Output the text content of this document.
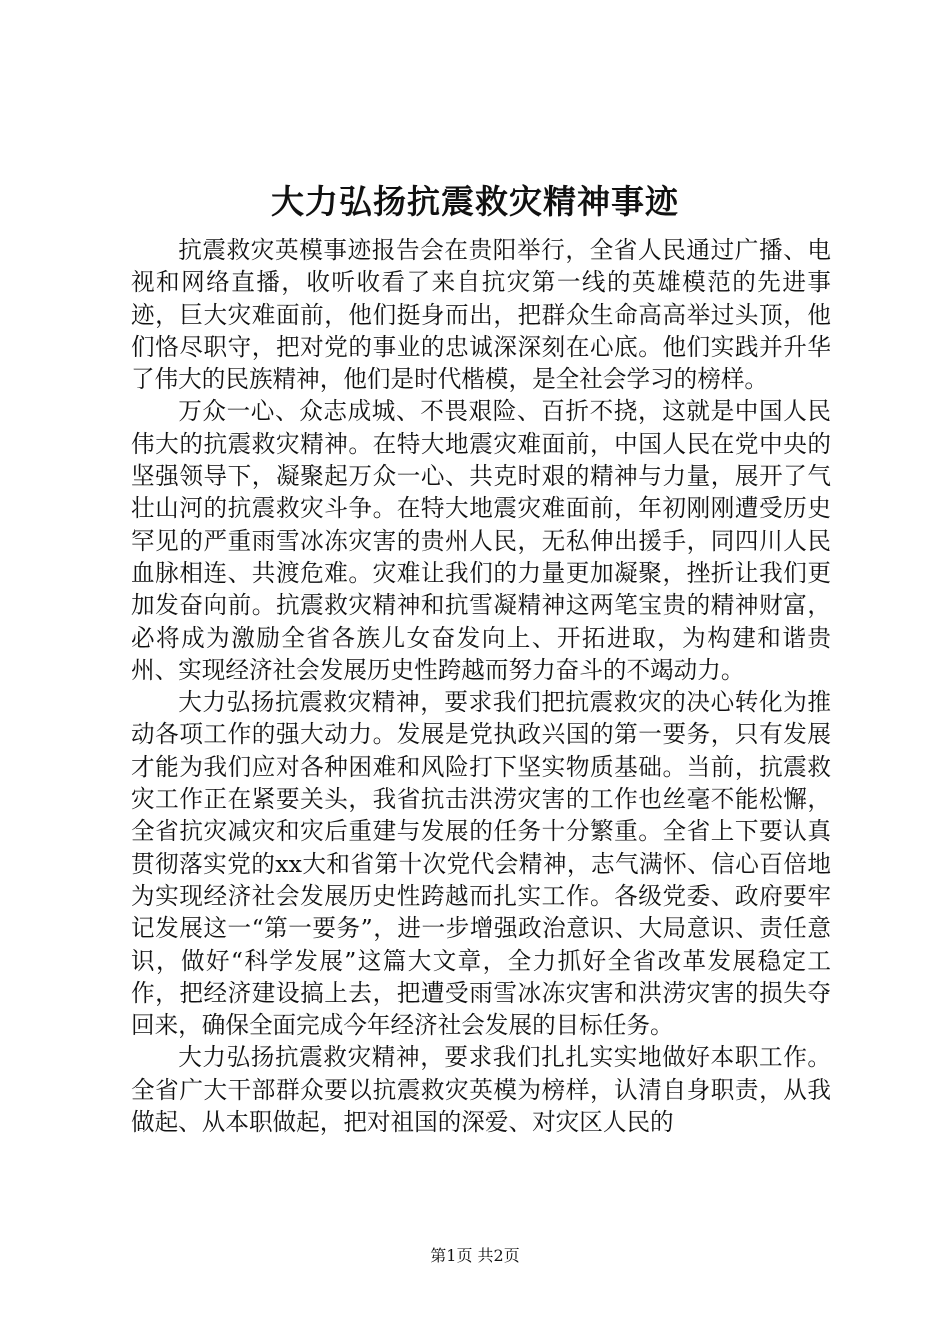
大力弘扬抗震救灾精神事迹

抗震救灾英模事迹报告会在贵阳举行，全省人民通过广播、电视和网络直播，收听收看了来自抗灾第一线的英雄模范的先进事迹，巨大灾难面前，他们挺身而出，把群众生命高高举过头顶，他们恪尽职守，把对党的事业的忠诚深深刻在心底。他们实践并升华了伟大的民族精神，他们是时代楷模，是全社会学习的榜样。

万众一心、众志成城、不畏艰险、百折不挠，这就是中国人民伟大的抗震救灾精神。在特大地震灾难面前，中国人民在党中央的坚强领导下，凝聚起万众一心、共克时艰的精神与力量，展开了气壮山河的抗震救灾斗争。在特大地震灾难面前，年初刚刚遭受历史罕见的严重雨雪冰冻灾害的贵州人民，无私伸出援手，同四川人民血脉相连、共渡危难。灾难让我们的力量更加凝聚，挫折让我们更加发奋向前。抗震救灾精神和抗雪凝精神这两笔宝贵的精神财富，必将成为激励全省各族儿女奋发向上、开拓进取，为构建和谐贵州、实现经济社会发展历史性跨越而努力奋斗的不竭动力。

大力弘扬抗震救灾精神，要求我们把抗震救灾的决心转化为推动各项工作的强大动力。发展是党执政兴国的第一要务，只有发展才能为我们应对各种困难和风险打下坚实物质基础。当前，抗震救灾工作正在紧要关头，我省抗击洪涝灾害的工作也丝毫不能松懈，全省抗灾减灾和灾后重建与发展的任务十分繁重。全省上下要认真贯彻落实党的xx大和省第十次党代会精神，志气满怀、信心百倍地为实现经济社会发展历史性跨越而扎实工作。各级党委、政府要牢记发展这一“第一要务”，进一步增强政治意识、大局意识、责任意识，做好“科学发展”这篇大文章，全力抓好全省改革发展稳定工作，把经济建设搞上去，把遭受雨雪冰冻灾害和洪涝灾害的损失夺回来，确保全面完成今年经济社会发展的目标任务。

大力弘扬抗震救灾精神，要求我们扎扎实实地做好本职工作。全省广大干部群众要以抗震救灾英模为榜样，认清自身职责，从我做起、从本职做起，把对祖国的深爱、对灾区人民的

第1页 共2页
